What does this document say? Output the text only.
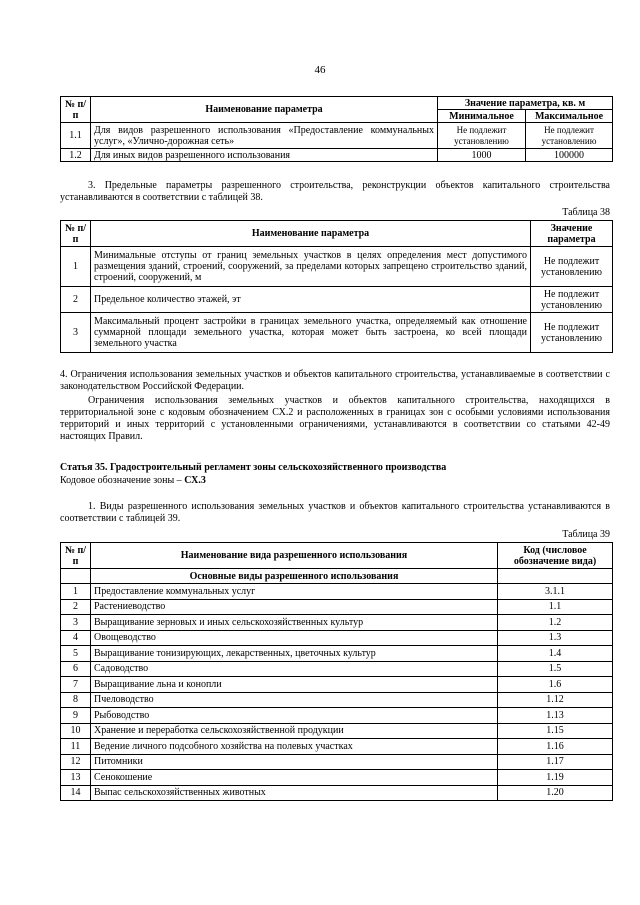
46
№ п/п	Наименование параметра	Значение параметра, кв. м	
		Минимальное	Максимальное
1.1	Для видов разрешенного использования «Предоставление коммунальных услуг», «Улично-дорожная сеть»	Не подлежит установлению	Не подлежит установлению
1.2	Для иных видов разрешенного использования	1000	100000

3. Предельные параметры разрешенного строительства, реконструкции объектов капитального строительства устанавливаются в соответствии с таблицей 38.

Таблица 38
№ п/п	Наименование параметра	Значение параметра
1	Минимальные отступы от границ земельных участков в целях определения мест допустимого размещения зданий, строений, сооружений, за пределами которых запрещено строительство зданий, строений, сооружений, м	Не подлежит установлению
2	Предельное количество этажей, эт	Не подлежит установлению
3	Максимальный процент застройки в границах земельного участка, определяемый как отношение суммарной площади земельного участка, которая может быть застроена, ко всей площади земельного участка	Не подлежит установлению

4. Ограничения использования земельных участков и объектов капитального строительства, устанавливаемые в соответствии с законодательством Российской Федерации.

Ограничения использования земельных участков и объектов капитального строительства, находящихся в территориальной зоне с кодовым обозначением СХ.2 и расположенных в границах зон с особыми условиями использования территорий и иных территорий с установленными ограничениями, устанавливаются в соответствии со статьями 42-49 настоящих Правил.

Статья 35. Градостроительный регламент зоны сельскохозяйственного производства
Кодовое обозначение зоны – СХ.3

1. Виды разрешенного использования земельных участков и объектов капитального строительства устанавливаются в соответствии с таблицей 39.

Таблица 39
№ п/п	Наименование вида разрешенного использования	Код (числовое обозначение вида)
	Основные виды разрешенного использования	
1	Предоставление коммунальных услуг	3.1.1
2	Растениеводство	1.1
3	Выращивание зерновых и иных сельскохозяйственных культур	1.2
4	Овощеводство	1.3
5	Выращивание тонизирующих, лекарственных, цветочных культур	1.4
6	Садоводство	1.5
7	Выращивание льна и конопли	1.6
8	Пчеловодство	1.12
9	Рыбоводство	1.13
10	Хранение и переработка сельскохозяйственной продукции	1.15
11	Ведение личного подсобного хозяйства на полевых участках	1.16
12	Питомники	1.17
13	Сенокошение	1.19
14	Выпас сельскохозяйственных животных	1.20
